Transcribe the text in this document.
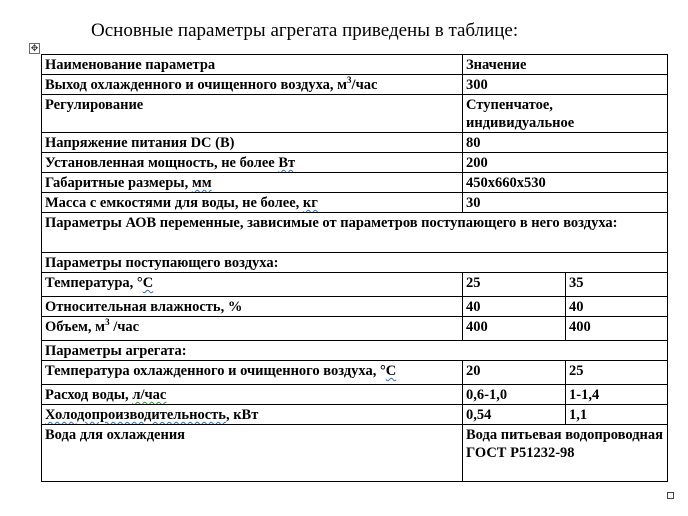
Основные параметры агрегата приведены в таблице:
✥
Наименование параметра	Значение	
Выход охлажденного и очищенного воздуха, $м^3$/час	300	
Регулирование	Ступенчатое, индивидуальное	
Напряжение питания DC (В)	80	
Установленная мощность, не более Вт	200	
Габаритные размеры, мм	450х660х530	
Масса с емкостями для воды, не более, кг	30	
Параметры АОВ переменные, зависимые от параметров поступающего в него воздуха:		
Параметры поступающего воздуха:		
Температура, °С	25	35
Относительная влажность, %	40	40
Объем, $м^3$ /час	400	400
Параметры агрегата:		
Температура охлажденного и очищенного воздуха, °С	20	25
Расход воды, л/час	0,6-1,0	1-1,4
Холодопроизводительность, кВт	0,54	1,1
Вода для охлаждения	Вода питьевая водопроводная ГОСТ Р51232-98	
